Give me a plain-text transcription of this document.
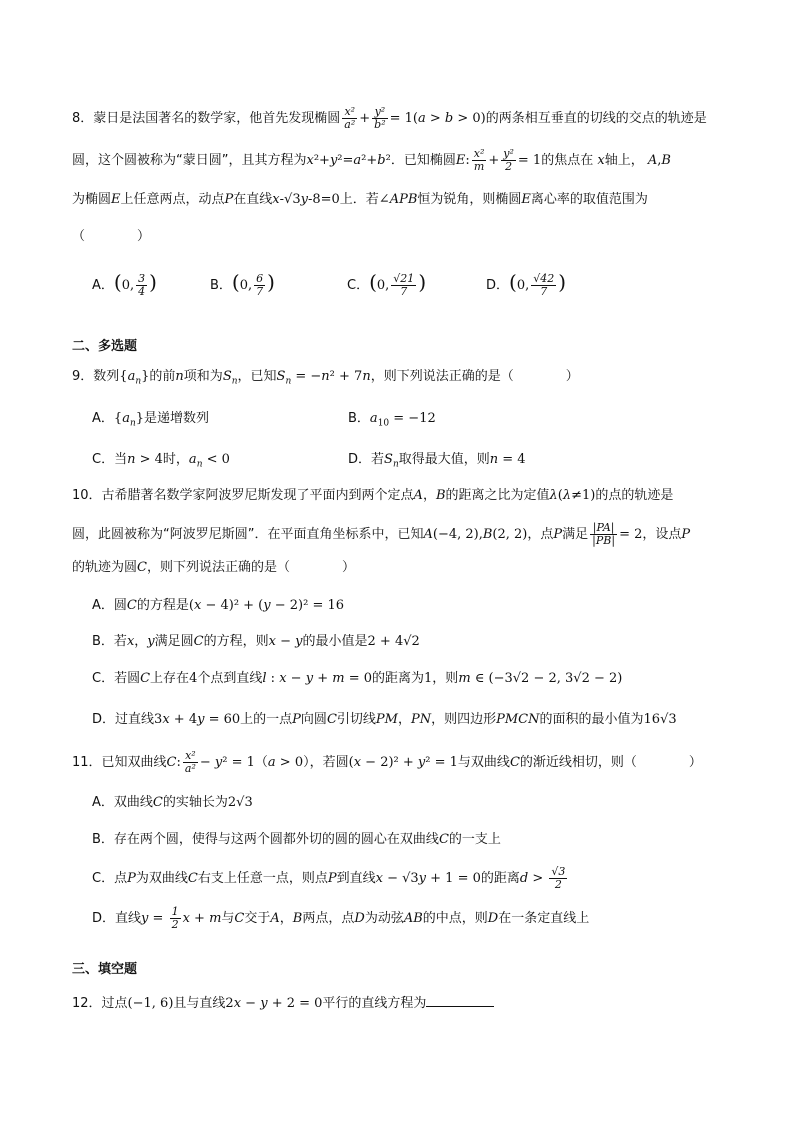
8．蒙日是法国著名的数学家，他首先发现椭圆 $\frac{\text{x²}}{\text{a²}} + \frac{\text{y²}}{\text{b²}} = 1(a > b > 0)$的两条相互垂直的切线的交点的轨迹是
圆，这个圆被称为“蒙日圆”，且其方程为x²+y²=a²+b²．已知椭圆E: $\frac{\text{x²}}{m} + \frac{\text{y²}}{2} = 1$的焦点在 x轴上， A,B
为椭圆E上任意两点，动点P在直线x-√3y-8=0上．若∠APB恒为锐角，则椭圆E离心率的取值范围为
（　　　　）
A．(0, $\frac{3}{4}$ )	B．(0, $\frac{6}{7}$ )	C．(0, $\frac{√21}{7}$ )	D．(0, $\frac{√42}{7}$ )
二、多选题
9．数列$\{a_n\}$的前n项和为$S_n$，已知$S_n = -n^2 + 7n$，则下列说法正确的是（　　　　）
A．$\{a_n\}$是递增数列	B．$a_{10} = -12$
C．当n > 4时，$a_n < 0$	D．若$S_n$取得最大值，则n = 4
10．古希腊著名数学家阿波罗尼斯发现了平面内到两个定点A，B的距离之比为定值λ(λ≠1)的点的轨迹是
圆，此圆被称为“阿波罗尼斯圆”．在平面直角坐标系中，已知A(−4, 2),B(2, 2)，点P满足 $\frac{|PA|}{|PB|} = 2$，设点P
的轨迹为圆C，则下列说法正确的是（　　　　）
A．圆C的方程是(x − 4)² + (y − 2)² = 16
B．若x，y满足圆C的方程，则x − y的最小值是2 + 4√2
C．若圆C上存在4个点到直线l : x − y + m = 0的距离为1，则m ∈ (−3√2 − 2, 3√2 − 2)
D．过直线3x + 4y = 60上的一点P向圆C引切线PM，PN，则四边形PMCN的面积的最小值为16√3
11．已知双曲线C: $\frac{\text{x²}}{\text{a²}} - y^2 = 1(a > 0)$，若圆(x − 2)² + y² = 1与双曲线C的渐近线相切，则（　　　　）
A．双曲线C的实轴长为2√3
B．存在两个圆，使得与这两个圆都外切的圆的圆心在双曲线C的一支上
C．点P为双曲线C右支上任意一点，则点P到直线x − √3y + 1 = 0的距离$d > \frac{√3}{2}$
D．直线$y = \frac{1}{2}$ x + m与C交于A，B两点，点D为动弦AB的中点，则D在一条定直线上
三、填空题
12．过点(−1, 6)且与直线2x − y + 2 = 0平行的直线方程为
